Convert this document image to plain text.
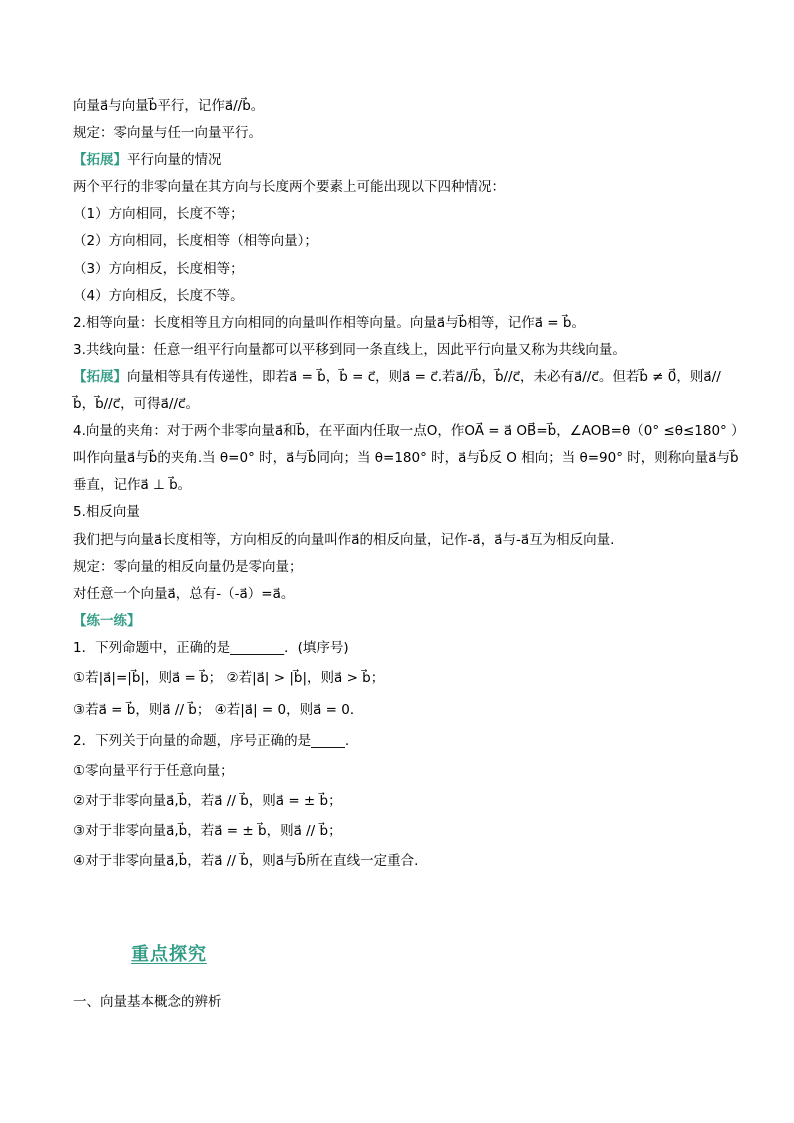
向量a⃗与向量b⃗平行，记作a⃗//b⃗。
规定：零向量与任一向量平行。
【拓展】平行向量的情况
两个平行的非零向量在其方向与长度两个要素上可能出现以下四种情况：
（1）方向相同，长度不等；
（2）方向相同，长度相等（相等向量）；
（3）方向相反，长度相等；
（4）方向相反，长度不等。
2.相等向量：长度相等且方向相同的向量叫作相等向量。向量a⃗与b⃗相等，记作a⃗ = b⃗。
3.共线向量：任意一组平行向量都可以平移到同一条直线上，因此平行向量又称为共线向量。
【拓展】向量相等具有传递性，即若a⃗ = b⃗，b⃗ = c⃗，则a⃗ = c⃗.若a⃗//b⃗，b⃗//c⃗，未必有a⃗//c⃗。但若b⃗ ≠ 0⃗，则a⃗//
b⃗，b⃗//c⃗，可得a⃗//c⃗。
4.向量的夹角：对于两个非零向量a⃗和b⃗，在平面内任取一点O，作OA⃗ = a⃗ OB⃗=b⃗，∠AOB=θ（0° ≤θ≤180° ）
叫作向量a⃗与b⃗的夹角.当 θ=0° 时，a⃗与b⃗同向；当 θ=180° 时，a⃗与b⃗反 O 相向；当 θ=90° 时，则称向量a⃗与b⃗
垂直，记作a⃗ ⊥ b⃗。
5.相反向量
我们把与向量a⃗长度相等，方向相反的向量叫作a⃗的相反向量，记作-a⃗，a⃗与-a⃗互为相反向量.
规定：零向量的相反向量仍是零向量；
对任意一个向量a⃗，总有-（-a⃗）=a⃗。
【练一练】
1．下列命题中，正确的是________．(填序号)
①若|a⃗|=|b⃗|，则a⃗ = b⃗； ②若|a⃗| > |b⃗|，则a⃗ > b⃗；
③若a⃗ = b⃗，则a⃗ // b⃗； ④若|a⃗| = 0，则a⃗ = 0．
2．下列关于向量的命题，序号正确的是_____.
①零向量平行于任意向量；
②对于非零向量a⃗,b⃗，若a⃗ // b⃗，则a⃗ = ± b⃗；
③对于非零向量a⃗,b⃗，若a⃗ = ± b⃗，则a⃗ // b⃗；
④对于非零向量a⃗,b⃗，若a⃗ // b⃗，则a⃗与b⃗所在直线一定重合.
重点探究
一、向量基本概念的辨析
